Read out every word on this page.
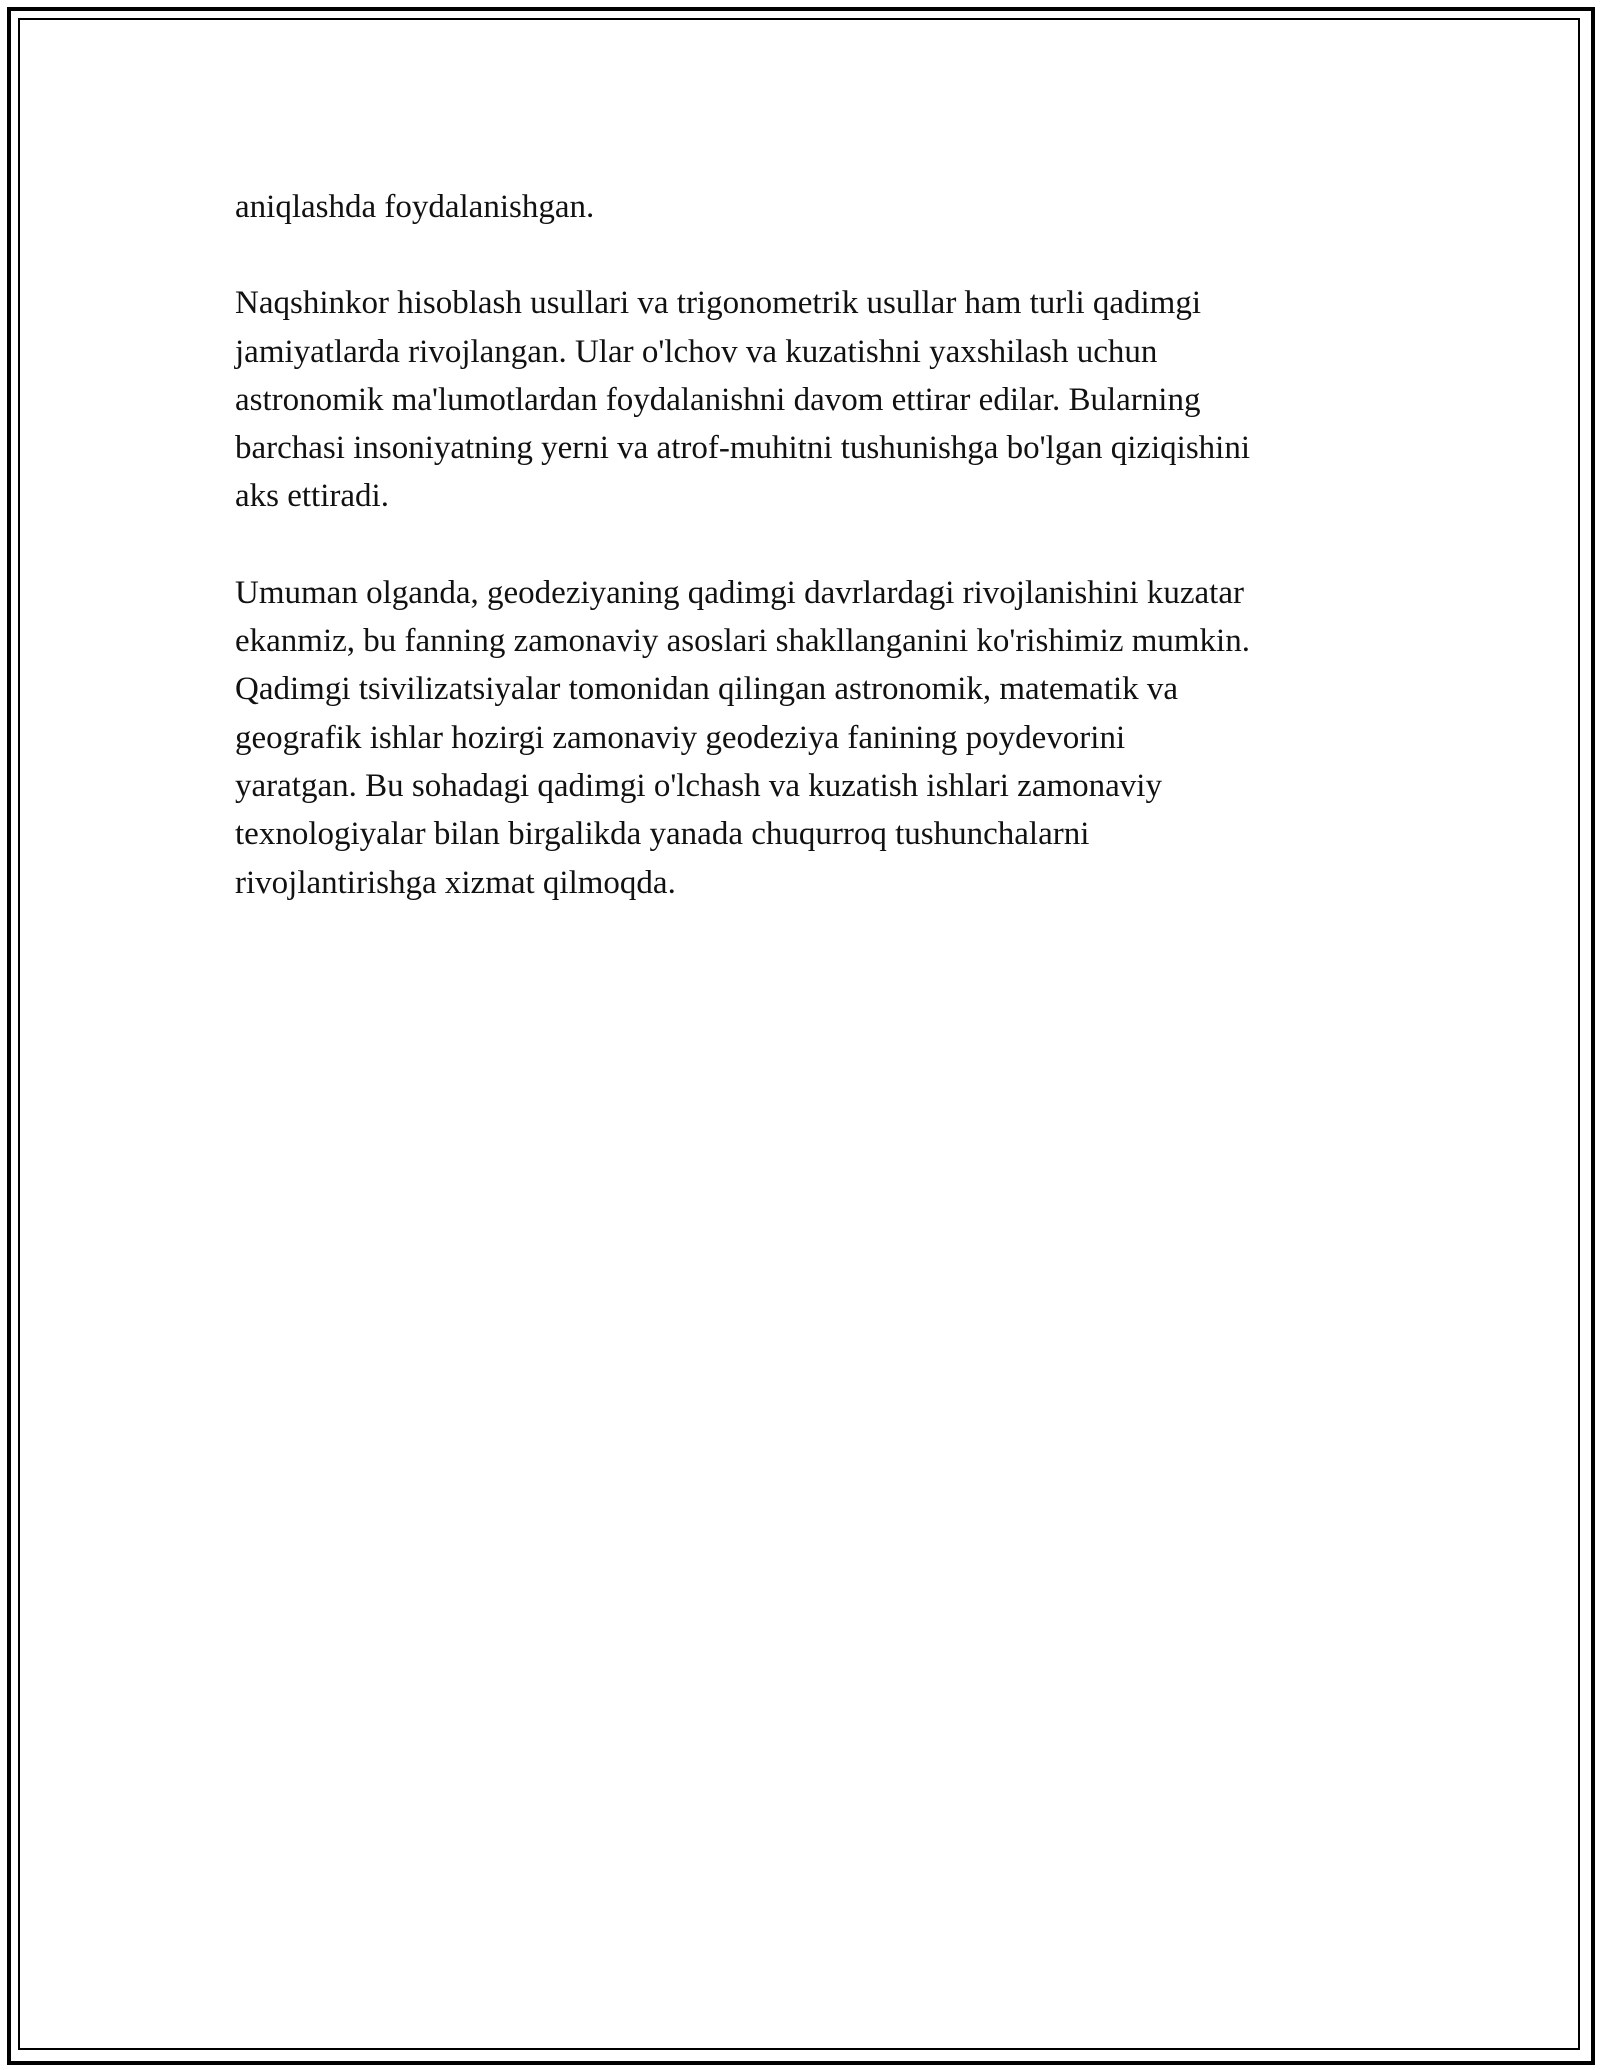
aniqlashda foydalanishgan.

Naqshinkor hisoblash usullari va trigonometrik usullar ham turli qadimgi
jamiyatlarda rivojlangan. Ular o'lchov va kuzatishni yaxshilash uchun
astronomik ma'lumotlardan foydalanishni davom ettirar edilar. Bularning
barchasi insoniyatning yerni va atrof-muhitni tushunishga bo'lgan qiziqishini
aks ettiradi.

Umuman olganda, geodeziyaning qadimgi davrlardagi rivojlanishini kuzatar
ekanmiz, bu fanning zamonaviy asoslari shakllanganini ko'rishimiz mumkin.
Qadimgi tsivilizatsiyalar tomonidan qilingan astronomik, matematik va
geografik ishlar hozirgi zamonaviy geodeziya fanining poydevorini
yaratgan. Bu sohadagi qadimgi o'lchash va kuzatish ishlari zamonaviy
texnologiyalar bilan birgalikda yanada chuqurroq tushunchalarni
rivojlantirishga xizmat qilmoqda.
